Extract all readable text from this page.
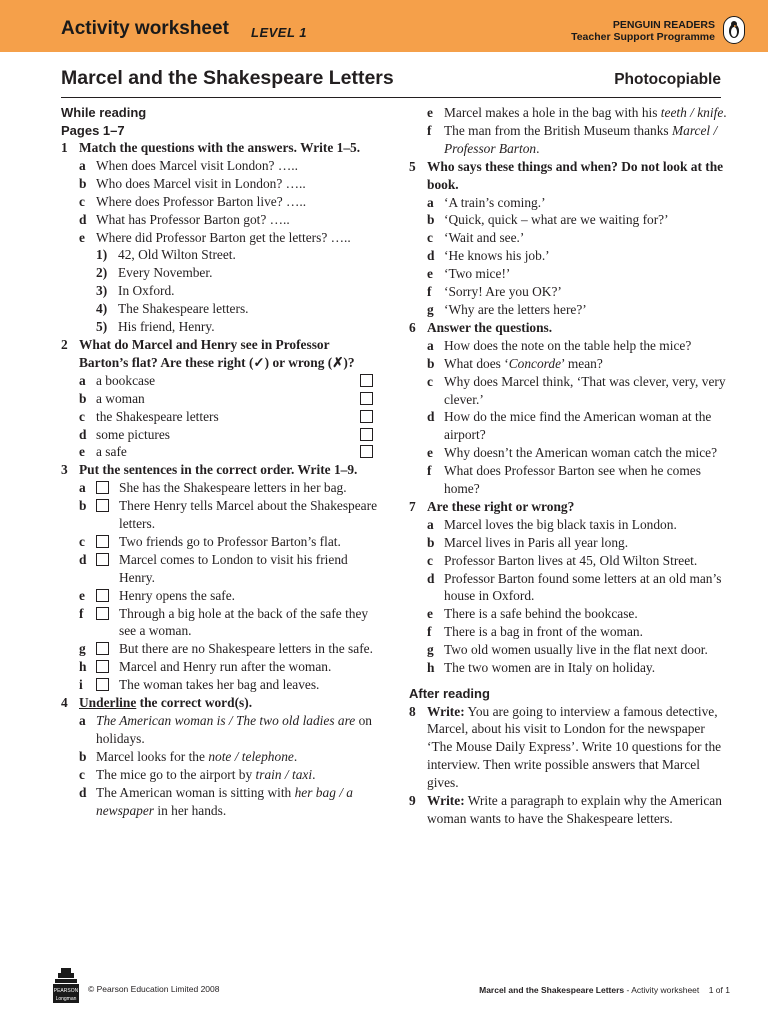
Activity worksheet LEVEL 1	PENGUIN READERS
Teacher Support Programme
Marcel and the Shakespeare Letters	Photocopiable
While reading
Pages 1–7
1 Match the questions with the answers. Write 1–5.
a When does Marcel visit London? …..
b Who does Marcel visit in London? …..
c Where does Professor Barton live? …..
d What has Professor Barton got? …..
e Where did Professor Barton get the letters? …..
1) 42, Old Wilton Street.
2) Every November.
3) In Oxford.
4) The Shakespeare letters.
5) His friend, Henry.
2 What do Marcel and Henry see in Professor Barton’s flat? Are these right (✓) or wrong (✗)?
a a bookcase
b a woman
c the Shakespeare letters
d some pictures
e a safe
3 Put the sentences in the correct order. Write 1–9.
a She has the Shakespeare letters in her bag.
b There Henry tells Marcel about the Shakespeare letters.
c	Two friends go to Professor Barton’s flat.
d Marcel comes to London to visit his friend Henry.
e	Henry opens the safe.
f	Through a big hole at the back of the safe they see a woman.
g But there are no Shakespeare letters in the safe.
h Marcel and Henry run after the woman.
i	The woman takes her bag and leaves.
4 Underline the correct word(s).
a The American woman is / The two old ladies are on holidays.
b Marcel looks for the note / telephone.
c The mice go to the airport by train / taxi.
d The American woman is sitting with her bag / a newspaper in her hands.
e Marcel makes a hole in the bag with his teeth / knife.
f The man from the British Museum thanks Marcel / Professor Barton.
5 Who says these things and when? Do not look at the book.
a ‘A train’s coming.’
b ‘Quick, quick – what are we waiting for?’
c ‘Wait and see.’
d ‘He knows his job.’
e ‘Two mice!’
f ‘Sorry! Are you OK?’
g ‘Why are the letters here?’
6 Answer the questions.
a How does the note on the table help the mice?
b What does ‘Concorde’ mean?
c Why does Marcel think, ‘That was clever, very, very clever.’
d How do the mice find the American woman at the airport?
e Why doesn’t the American woman catch the mice?
f What does Professor Barton see when he comes home?
7 Are these right or wrong?
a Marcel loves the big black taxis in London.
b Marcel lives in Paris all year long.
c Professor Barton lives at 45, Old Wilton Street.
d Professor Barton found some letters at an old man’s house in Oxford.
e There is a safe behind the bookcase.
f There is a bag in front of the woman.
g Two old women usually live in the flat next door.
h The two women are in Italy on holiday.
After reading
8 Write: You are going to interview a famous detective, Marcel, about his visit to London for the newspaper ‘The Mouse Daily Express’. Write 10 questions for the interview. Then write possible answers that Marcel gives.
9 Write: Write a paragraph to explain why the American woman wants to have the Shakespeare letters.
PEARSON
Longman
© Pearson Education Limited 2008	Marcel and the Shakespeare Letters - Activity worksheet 1 of 1
